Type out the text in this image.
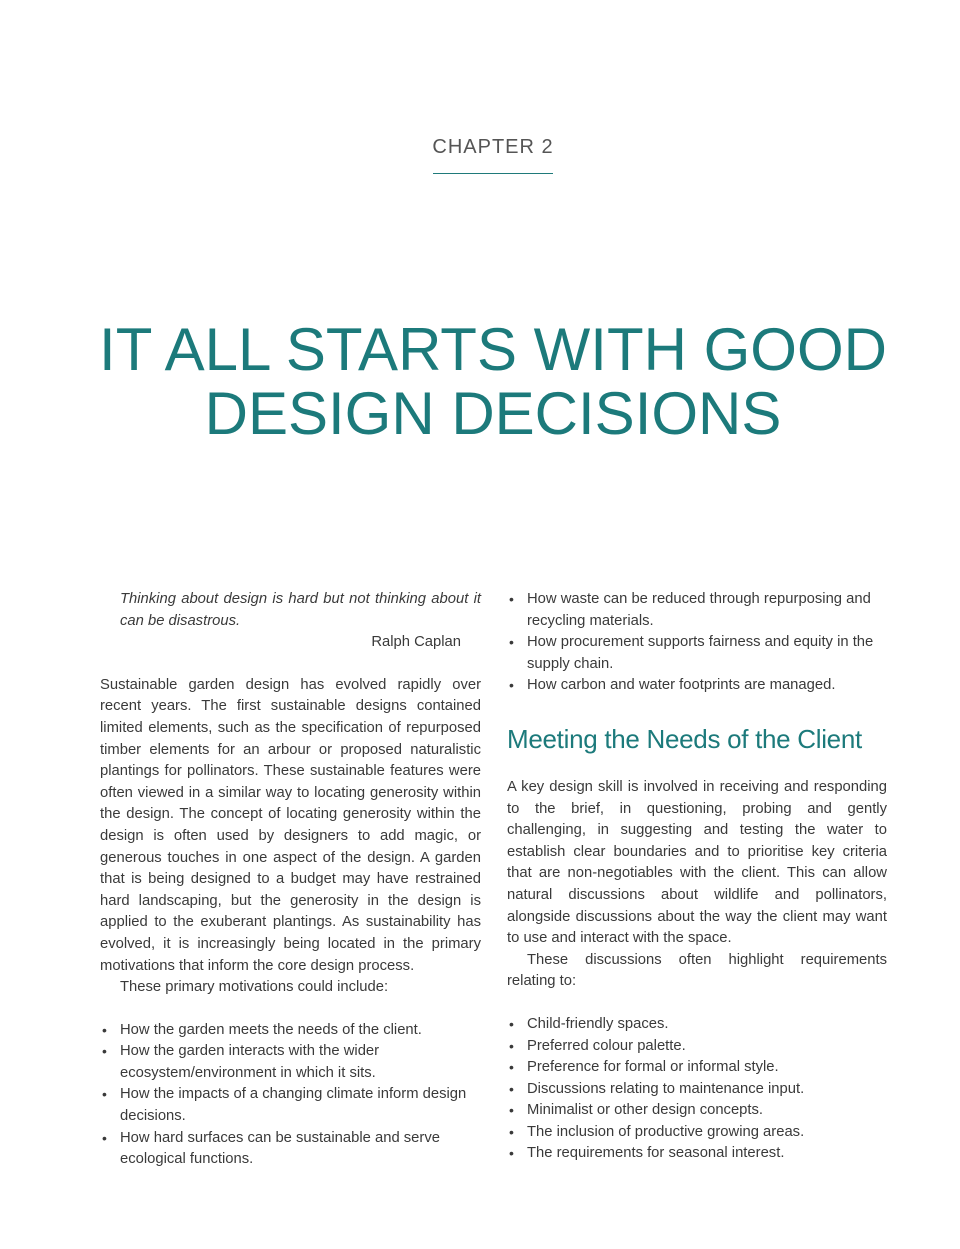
CHAPTER 2
IT ALL STARTS WITH GOOD
DESIGN DECISIONS
Thinking about design is hard but not thinking about it can be disastrous.
Ralph Caplan

Sustainable garden design has evolved rapidly over recent years. The first sustainable designs contained limited elements, such as the specification of repurposed timber elements for an arbour or proposed naturalistic plantings for pollinators. These sustainable features were often viewed in a similar way to locating generosity within the design. The concept of locating generosity within the design is often used by designers to add magic, or generous touches in one aspect of the design. A garden that is being designed to a budget may have restrained hard landscaping, but the generosity in the design is applied to the exuberant plantings. As sustainability has evolved, it is increasingly being located in the primary motivations that inform the core design process.

These primary motivations could include:

• How the garden meets the needs of the client.
• How the garden interacts with the wider ecosystem/environment in which it sits.
• How the impacts of a changing climate inform design decisions.
• How hard surfaces can be sustainable and serve ecological functions.
• How waste can be reduced through repurposing and recycling materials.
• How procurement supports fairness and equity in the supply chain.
• How carbon and water footprints are managed.
Meeting the Needs of the Client

A key design skill is involved in receiving and responding to the brief, in questioning, probing and gently challenging, in suggesting and testing the water to establish clear boundaries and to prioritise key criteria that are non-negotiables with the client. This can allow natural discussions about wildlife and pollinators, alongside discussions about the way the client may want to use and interact with the space.

These discussions often highlight requirements relating to:

• Child-friendly spaces.
• Preferred colour palette.
• Preference for formal or informal style.
• Discussions relating to maintenance input.
• Minimalist or other design concepts.
• The inclusion of productive growing areas.
• The requirements for seasonal interest.
